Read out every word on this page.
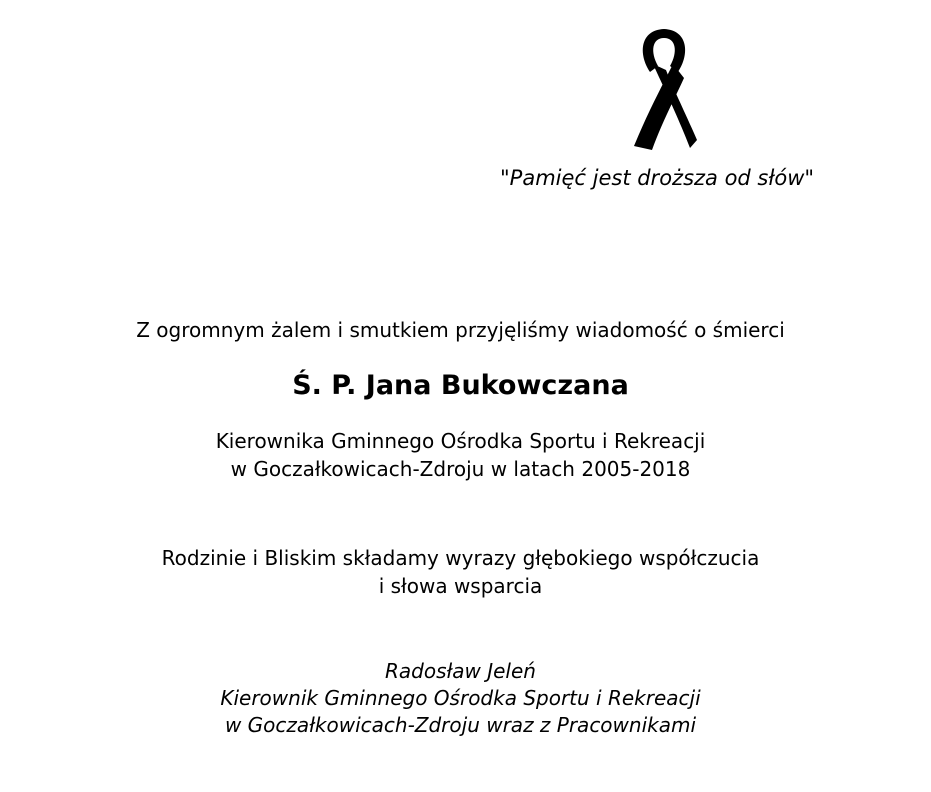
"Pamięć jest droższa od słów"
Z ogromnym żalem i smutkiem przyjęliśmy wiadomość o śmierci
Ś. P. Jana Bukowczana
Kierownika Gminnego Ośrodka Sportu i Rekreacji
w Goczałkowicach-Zdroju w latach 2005-2018
Rodzinie i Bliskim składamy wyrazy głębokiego współczucia
i słowa wsparcia
Radosław Jeleń
Kierownik Gminnego Ośrodka Sportu i Rekreacji
w Goczałkowicach-Zdroju wraz z Pracownikami
